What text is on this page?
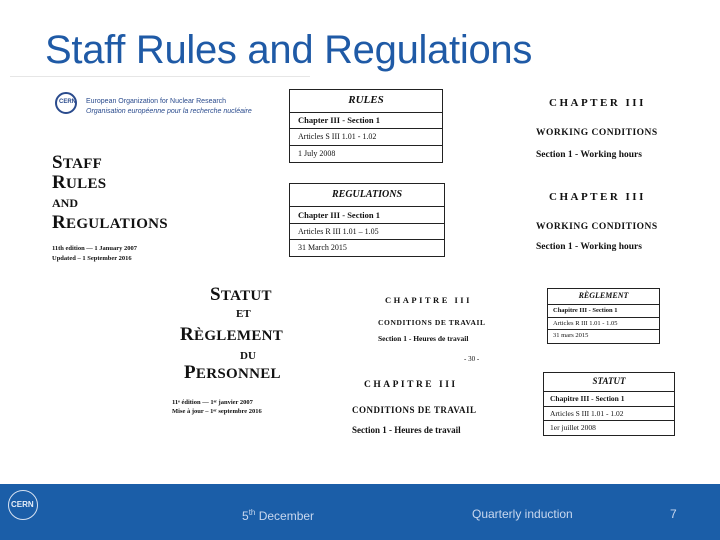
Staff Rules and Regulations
CERN European Organization for Nuclear Research
Organisation européenne pour la recherche nucléaire
STAFF
RULES
AND
REGULATIONS
11th edition — 1 January 2007
Updated – 1 September 2016
STATUT
ET
RÈGLEMENT
DU
PERSONNEL
11ᵉ édition — 1ᵉʳ janvier 2007
Mise à jour – 1ᵉʳ septembre 2016
RULES
Chapter III - Section 1
Articles S III 1.01 - 1.02
1 July 2008
REGULATIONS
Chapter III - Section 1
Articles R III 1.01 – 1.05
31 March 2015
CHAPTER III
WORKING CONDITIONS
Section 1 - Working hours
CHAPTER III
WORKING CONDITIONS
Section 1 - Working hours
CHAPITRE III
CONDITIONS DE TRAVAIL
Section 1 - Heures de travail
- 30 -
CHAPITRE III
CONDITIONS DE TRAVAIL
Section 1 - Heures de travail
RÈGLEMENT
Chapitre III - Section 1
Articles R III 1.01 - 1.05
31 mars 2015
STATUT
Chapitre III - Section 1
Articles S III 1.01 - 1.02
1er juillet 2008
CERN
5th December	Quarterly induction	7
